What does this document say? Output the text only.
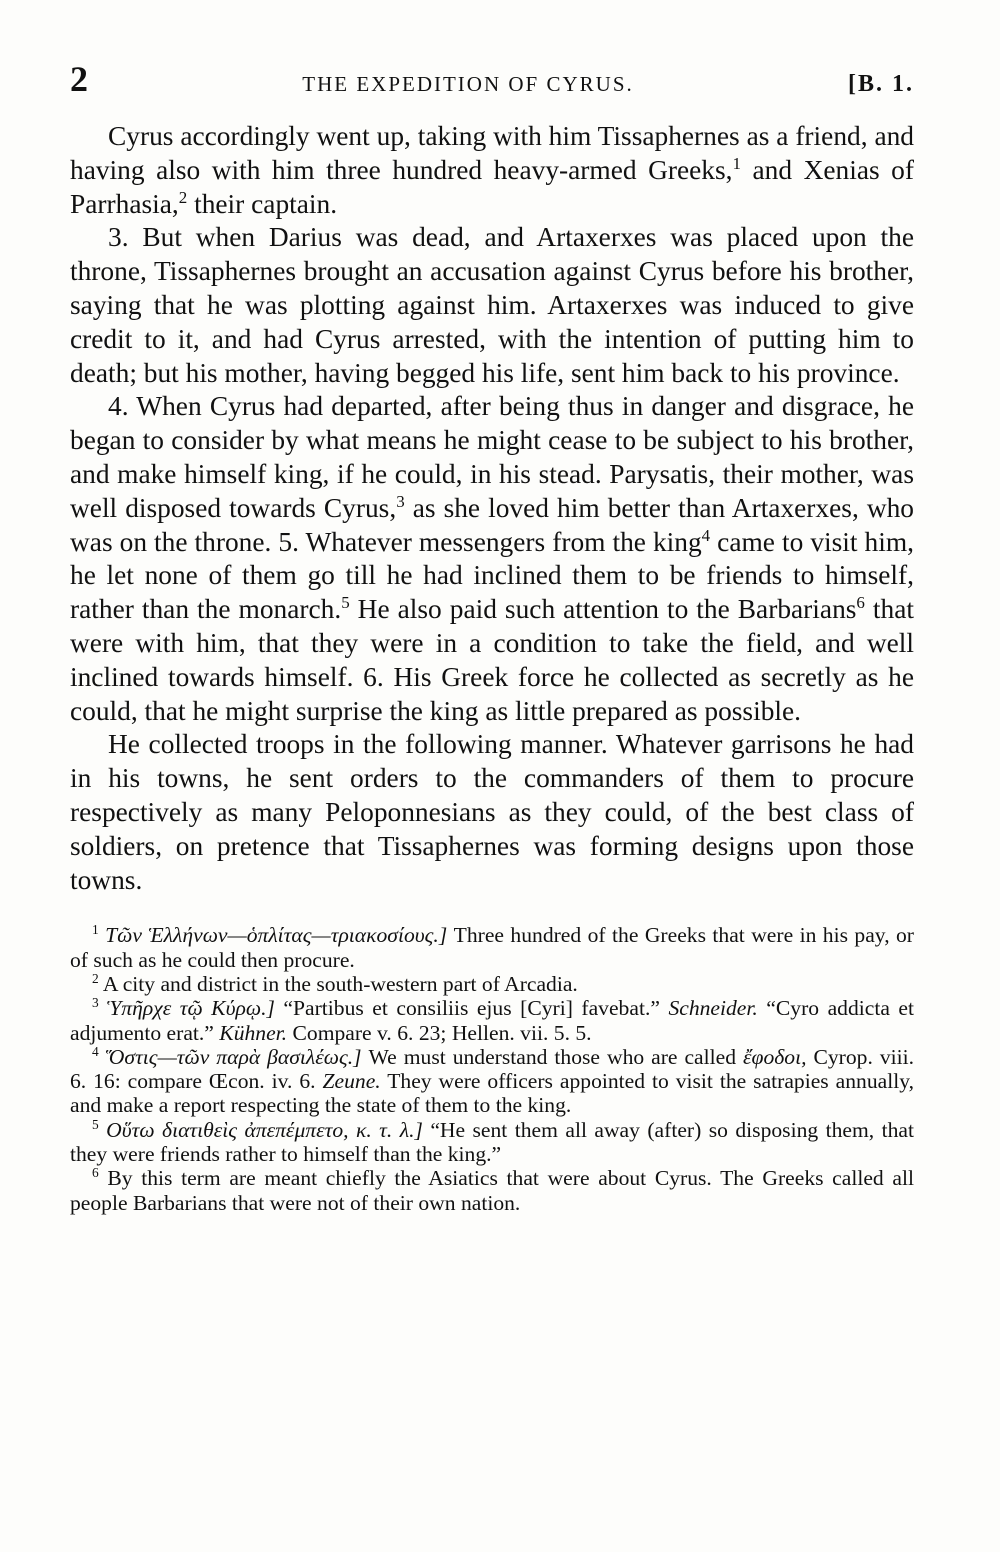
2	THE EXPEDITION OF CYRUS.	[B. 1.

Cyrus accordingly went up, taking with him Tissaphernes as a friend, and having also with him three hundred heavy-armed Greeks,$^1$ and Xenias of Parrhasia,$^2$ their captain.

3. But when Darius was dead, and Artaxerxes was placed upon the throne, Tissaphernes brought an accusation against Cyrus before his brother, saying that he was plotting against him. Artaxerxes was induced to give credit to it, and had Cyrus arrested, with the intention of putting him to death; but his mother, having begged his life, sent him back to his province.

4. When Cyrus had departed, after being thus in danger and disgrace, he began to consider by what means he might cease to be subject to his brother, and make himself king, if he could, in his stead. Parysatis, their mother, was well disposed towards Cyrus,$^3$ as she loved him better than Artaxerxes, who was on the throne. 5. Whatever messengers from the king$^4$ came to visit him, he let none of them go till he had inclined them to be friends to himself, rather than the monarch.$^5$ He also paid such attention to the Barbarians$^6$ that were with him, that they were in a condition to take the field, and well inclined towards himself. 6. His Greek force he collected as secretly as he could, that he might surprise the king as little prepared as possible.

He collected troops in the following manner. Whatever garrisons he had in his towns, he sent orders to the commanders of them to procure respectively as many Peloponnesians as they could, of the best class of soldiers, on pretence that Tissaphernes was forming designs upon those towns.

$^1$ Τῶν Ἑλλήνων—ὁπλίτας—τριακοσίους.] Three hundred of the Greeks that were in his pay, or of such as he could then procure.

$^2$ A city and district in the south-western part of Arcadia.

$^3$ Ὑπῆρχε τῷ Κύρῳ.] “Partibus et consiliis ejus [Cyri] favebat.” Schneider. “Cyro addicta et adjumento erat.” Kühner. Compare v. 6. 23; Hellen. vii. 5. 5.

$^4$ Ὅστις—τῶν παρὰ βασιλέως.] We must understand those who are called ἔφοδοι, Cyrop. viii. 6. 16: compare Œcon. iv. 6. Zeune. They were officers appointed to visit the satrapies annually, and make a report respecting the state of them to the king.

$^5$ Οὕτω διατιθεὶς ἀπεπέμπετο, κ. τ. λ.] “He sent them all away (after) so disposing them, that they were friends rather to himself than the king.”

$^6$ By this term are meant chiefly the Asiatics that were about Cyrus. The Greeks called all people Barbarians that were not of their own nation.
